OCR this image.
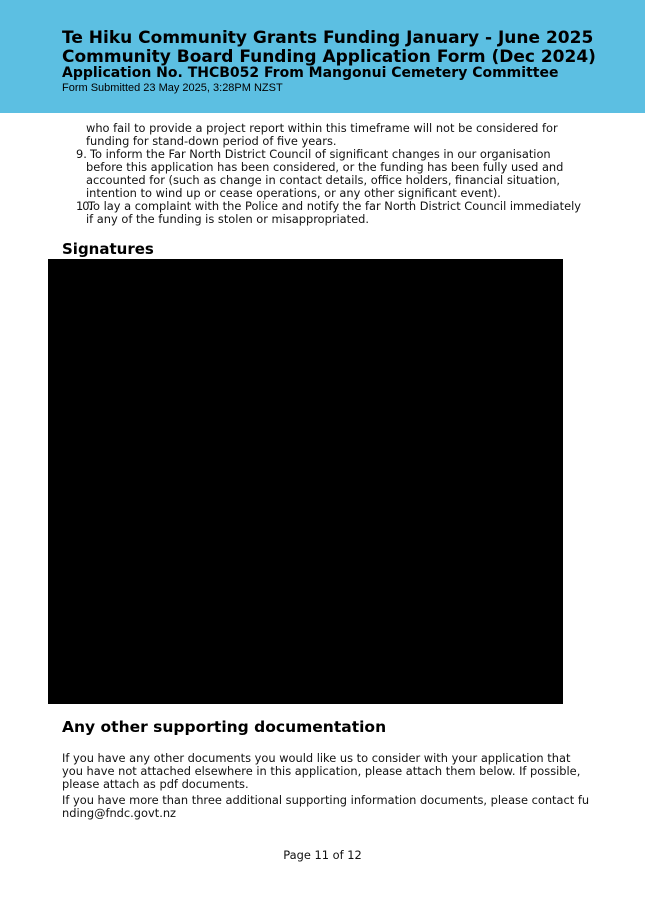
Te Hiku Community Grants Funding January - June 2025
Community Board Funding Application Form (Dec 2024)
Application No. THCB052 From Mangonui Cemetery Committee
Form Submitted 23 May 2025, 3:28PM NZST
who fail to provide a project report within this timeframe will not be considered for
funding for stand-down period of five years.
9. To inform the Far North District Council of significant changes in our organisation
before this application has been considered, or the funding has been fully used and
accounted for (such as change in contact details, office holders, financial situation,
intention to wind up or cease operations, or any other significant event).
10.
To lay a complaint with the Police and notify the far North District Council immediately
if any of the funding is stolen or misappropriated.
Signatures
Any other supporting documentation
If you have any other documents you would like us to consider with your application that
you have not attached elsewhere in this application, please attach them below. If possible,
please attach as pdf documents.
If you have more than three additional supporting information documents, please contact fu
nding@fndc.govt.nz
Page 11 of 12
